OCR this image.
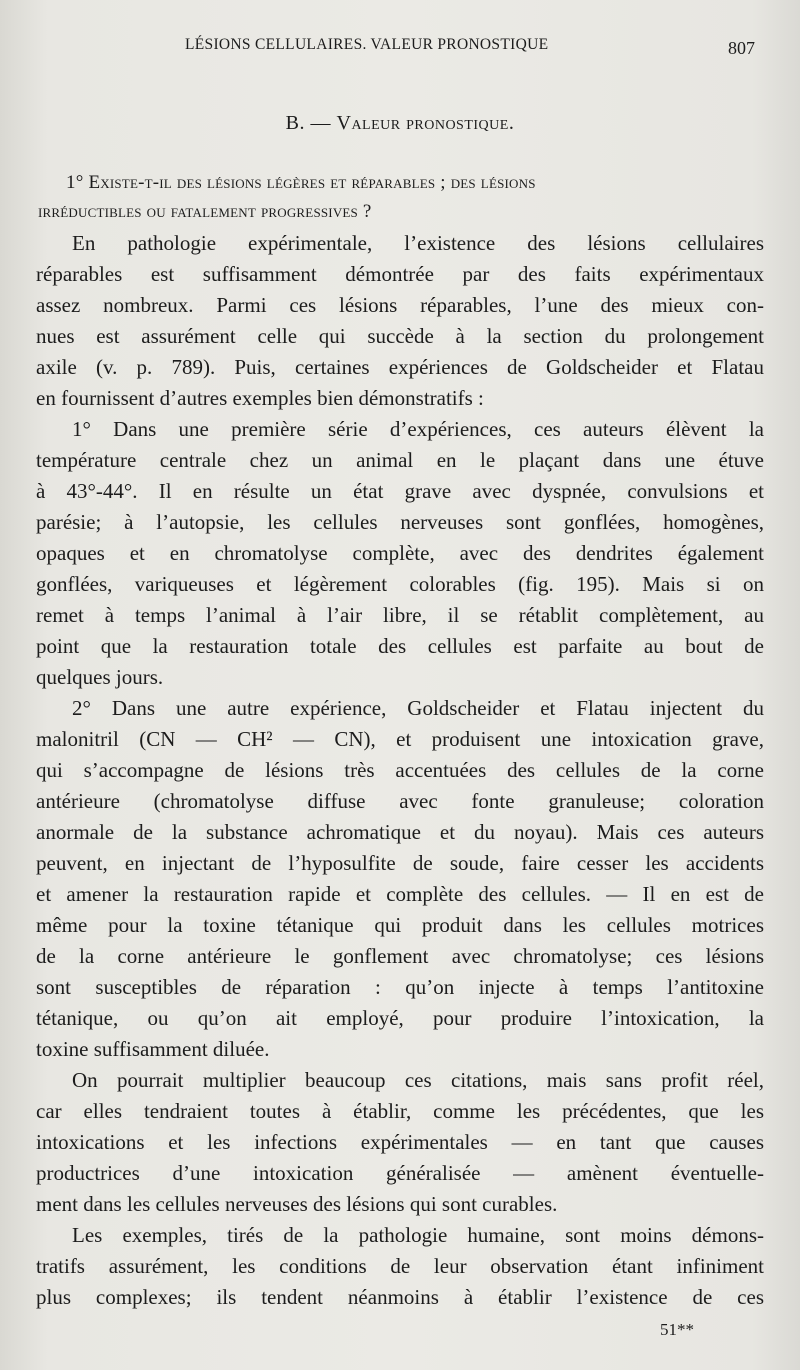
LÉSIONS CELLULAIRES. VALEUR PRONOSTIQUE	807
B. — Valeur pronostique.
1° Existe-t-il des lésions légères et réparables ; des lésions
irréductibles ou fatalement progressives ?
En pathologie expérimentale, l’existence des lésions cellulaires
réparables est suffisamment démontrée par des faits expérimentaux
assez nombreux. Parmi ces lésions réparables, l’une des mieux con-
nues est assurément celle qui succède à la section du prolongement
axile (v. p. 789). Puis, certaines expériences de Goldscheider et Flatau
en fournissent d’autres exemples bien démonstratifs :
1° Dans une première série d’expériences, ces auteurs élèvent la
température centrale chez un animal en le plaçant dans une étuve
à 43°-44°. Il en résulte un état grave avec dyspnée, convulsions et
parésie; à l’autopsie, les cellules nerveuses sont gonflées, homogènes,
opaques et en chromatolyse complète, avec des dendrites également
gonflées, variqueuses et légèrement colorables (fig. 195). Mais si on
remet à temps l’animal à l’air libre, il se rétablit complètement, au
point que la restauration totale des cellules est parfaite au bout de
quelques jours.
2° Dans une autre expérience, Goldscheider et Flatau injectent du
malonitril (CN — CH² — CN), et produisent une intoxication grave,
qui s’accompagne de lésions très accentuées des cellules de la corne
antérieure (chromatolyse diffuse avec fonte granuleuse; coloration
anormale de la substance achromatique et du noyau). Mais ces auteurs
peuvent, en injectant de l’hyposulfite de soude, faire cesser les accidents
et amener la restauration rapide et complète des cellules. — Il en est de
même pour la toxine tétanique qui produit dans les cellules motrices
de la corne antérieure le gonflement avec chromatolyse; ces lésions
sont susceptibles de réparation : qu’on injecte à temps l’antitoxine
tétanique, ou qu’on ait employé, pour produire l’intoxication, la
toxine suffisamment diluée.
On pourrait multiplier beaucoup ces citations, mais sans profit réel,
car elles tendraient toutes à établir, comme les précédentes, que les
intoxications et les infections expérimentales — en tant que causes
productrices d’une intoxication généralisée — amènent éventuelle-
ment dans les cellules nerveuses des lésions qui sont curables.
Les exemples, tirés de la pathologie humaine, sont moins démons-
tratifs assurément, les conditions de leur observation étant infiniment
plus complexes; ils tendent néanmoins à établir l’existence de ces
51**
